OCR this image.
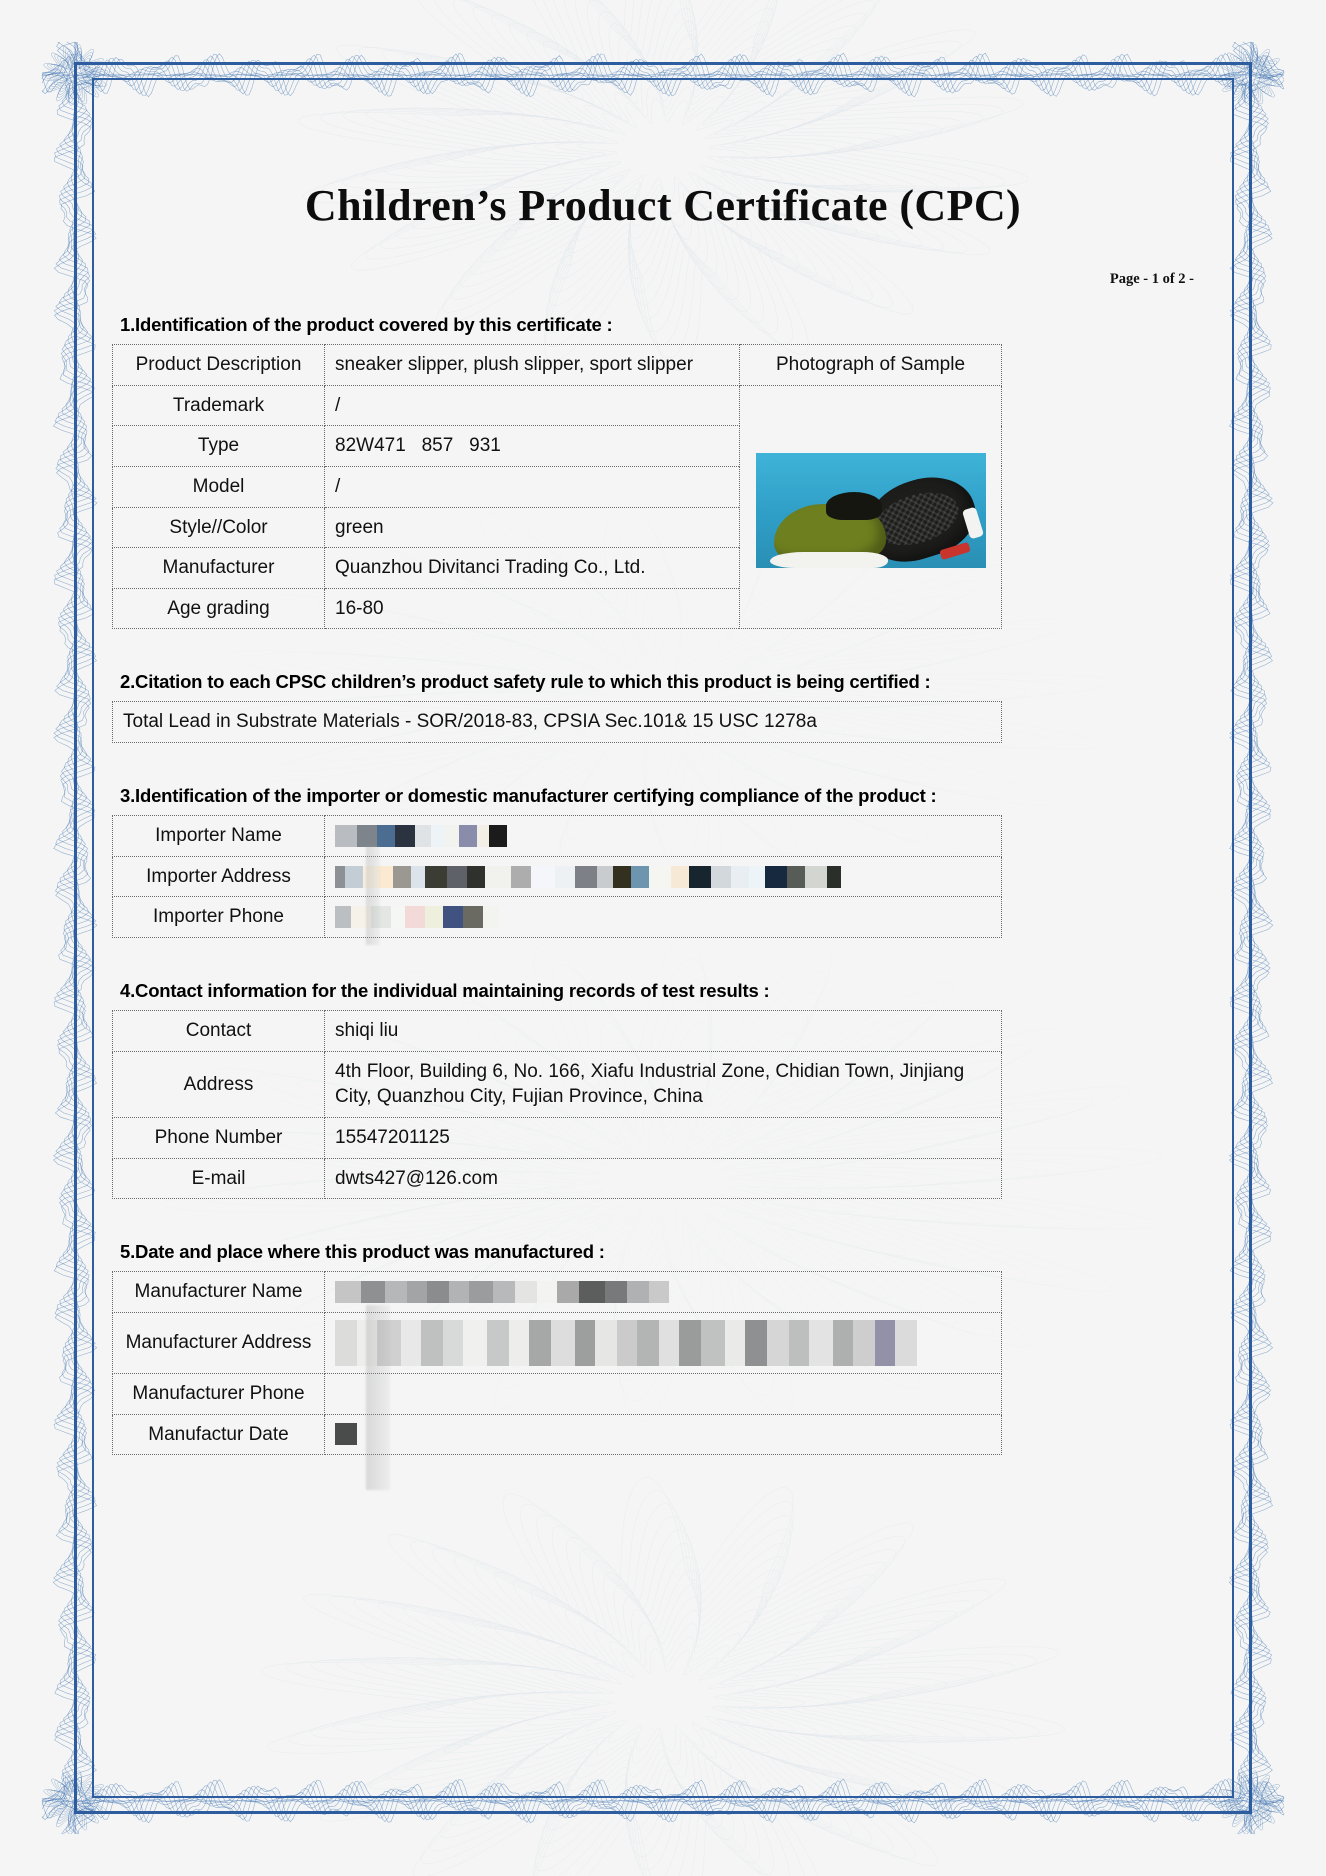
Children’s Product Certificate (CPC)
Page - 1 of 2 -
1.Identification of the product covered by this certificate :
Product Description	sneaker slipper, plush slipper, sport slipper	Photograph of Sample
Trademark	/	

Type	82W471   857   931	
Model	/	
Style//Color	green	
Manufacturer	Quanzhou Divitanci Trading Co., Ltd.	
Age grading	16-80	
2.Citation to each CPSC children’s product safety rule to which this product is being certified :
Total Lead in Substrate Materials - SOR/2018-83, CPSIA Sec.101& 15 USC 1278a
3.Identification of the importer or domestic manufacturer certifying compliance of the product :
Importer Name	

Importer Address	

Importer Phone	
4.Contact information for the individual maintaining records of test results :
Contact	shiqi liu
Address	4th Floor, Building 6, No. 166, Xiafu Industrial Zone, Chidian Town, Jinjiang City, Quanzhou City, Fujian Province, China
Phone Number	15547201125
E-mail	dwts427@126.com
5.Date and place where this product was manufactured :
Manufacturer Name	

Manufacturer Address	

Manufacturer Phone	

Manufactur Date	
